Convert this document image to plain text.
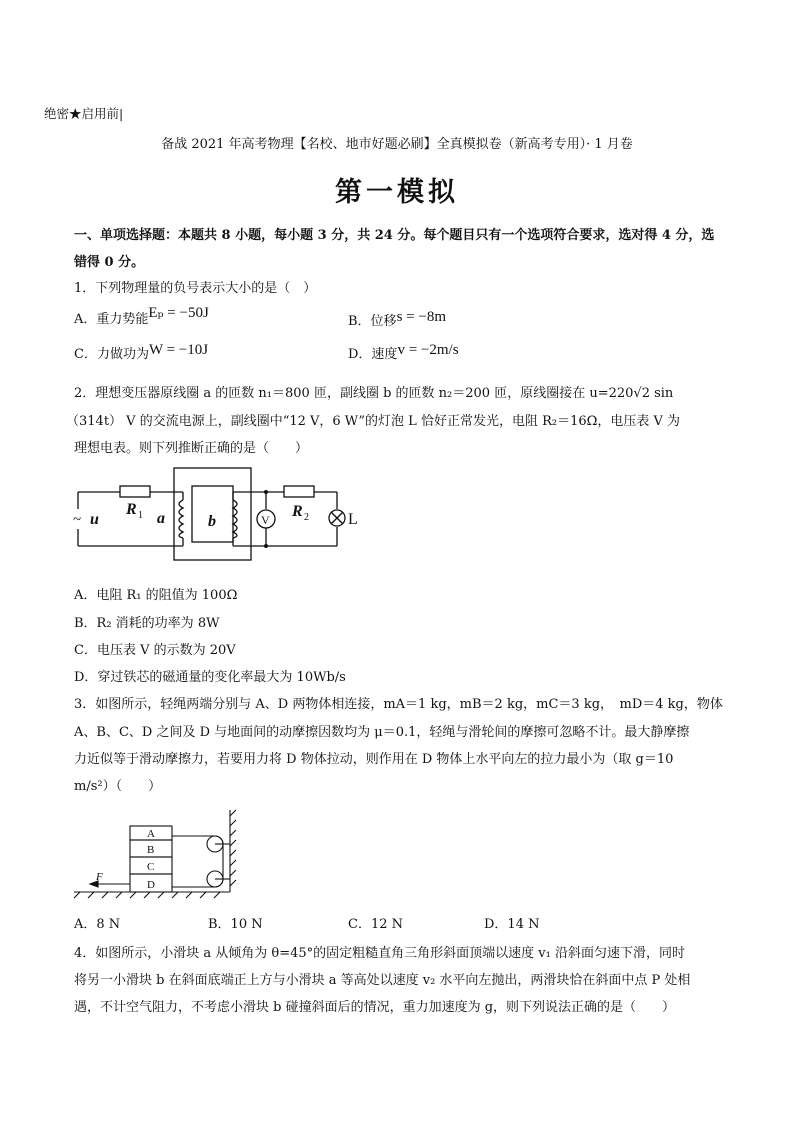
绝密★启用前|
备战 2021 年高考物理【名校、地市好题必刷】全真模拟卷（新高考专用）· 1 月卷
第一模拟
一、单项选择题：本题共 8 小题，每小题 3 分，共 24 分。每个题目只有一个选项符合要求，选对得 4 分，选错得 0 分。
1．下列物理量的负号表示大小的是（　）
A．重力势能Eₚ = −50J
B．位移s = −8m
C．力做功为W = −10J	D．速度v = −2m/s
2．理想变压器原线圈 a 的匝数 n₁＝800 匝，副线圈 b 的匝数 n₂＝200 匝，原线圈接在 u=220√2 sin
（314t） V 的交流电源上，副线圈中“12 V，6 W”的灯泡 L 恰好正常发光，电阻 R₂＝16Ω，电压表 V 为
理想电表。则下列推断正确的是（　　）
~ u
R 1 a	b	V R 2 L
A．电阻 R₁ 的阻值为 100Ω
B．R₂ 消耗的功率为 8W
C．电压表 V 的示数为 20V
D．穿过铁芯的磁通量的变化率最大为 10Wb/s
3．如图所示，轻绳两端分别与 A、D 两物体相连接，mA＝1 kg，mB＝2 kg，mC＝3 kg，　mD＝4 kg，物体
A、B、C、D 之间及 D 与地面间的动摩擦因数均为 μ＝0.1，轻绳与滑轮间的摩擦可忽略不计。最大静摩擦
力近似等于滑动摩擦力，若要用力将 D 物体拉动，则作用在 D 物体上水平向左的拉力最小为（取 g＝10
m/s²）（　　）
A
B
C
D
F
A．8 N	B．10 N	C．12 N	D．14 N
4．如图所示，小滑块 a 从倾角为 θ=45°的固定粗糙直角三角形斜面顶端以速度 v₁ 沿斜面匀速下滑，同时
将另一小滑块 b 在斜面底端正上方与小滑块 a 等高处以速度 v₂ 水平向左抛出，两滑块恰在斜面中点 P 处相
遇，不计空气阻力，不考虑小滑块 b 碰撞斜面后的情况，重力加速度为 g，则下列说法正确的是（　　）
